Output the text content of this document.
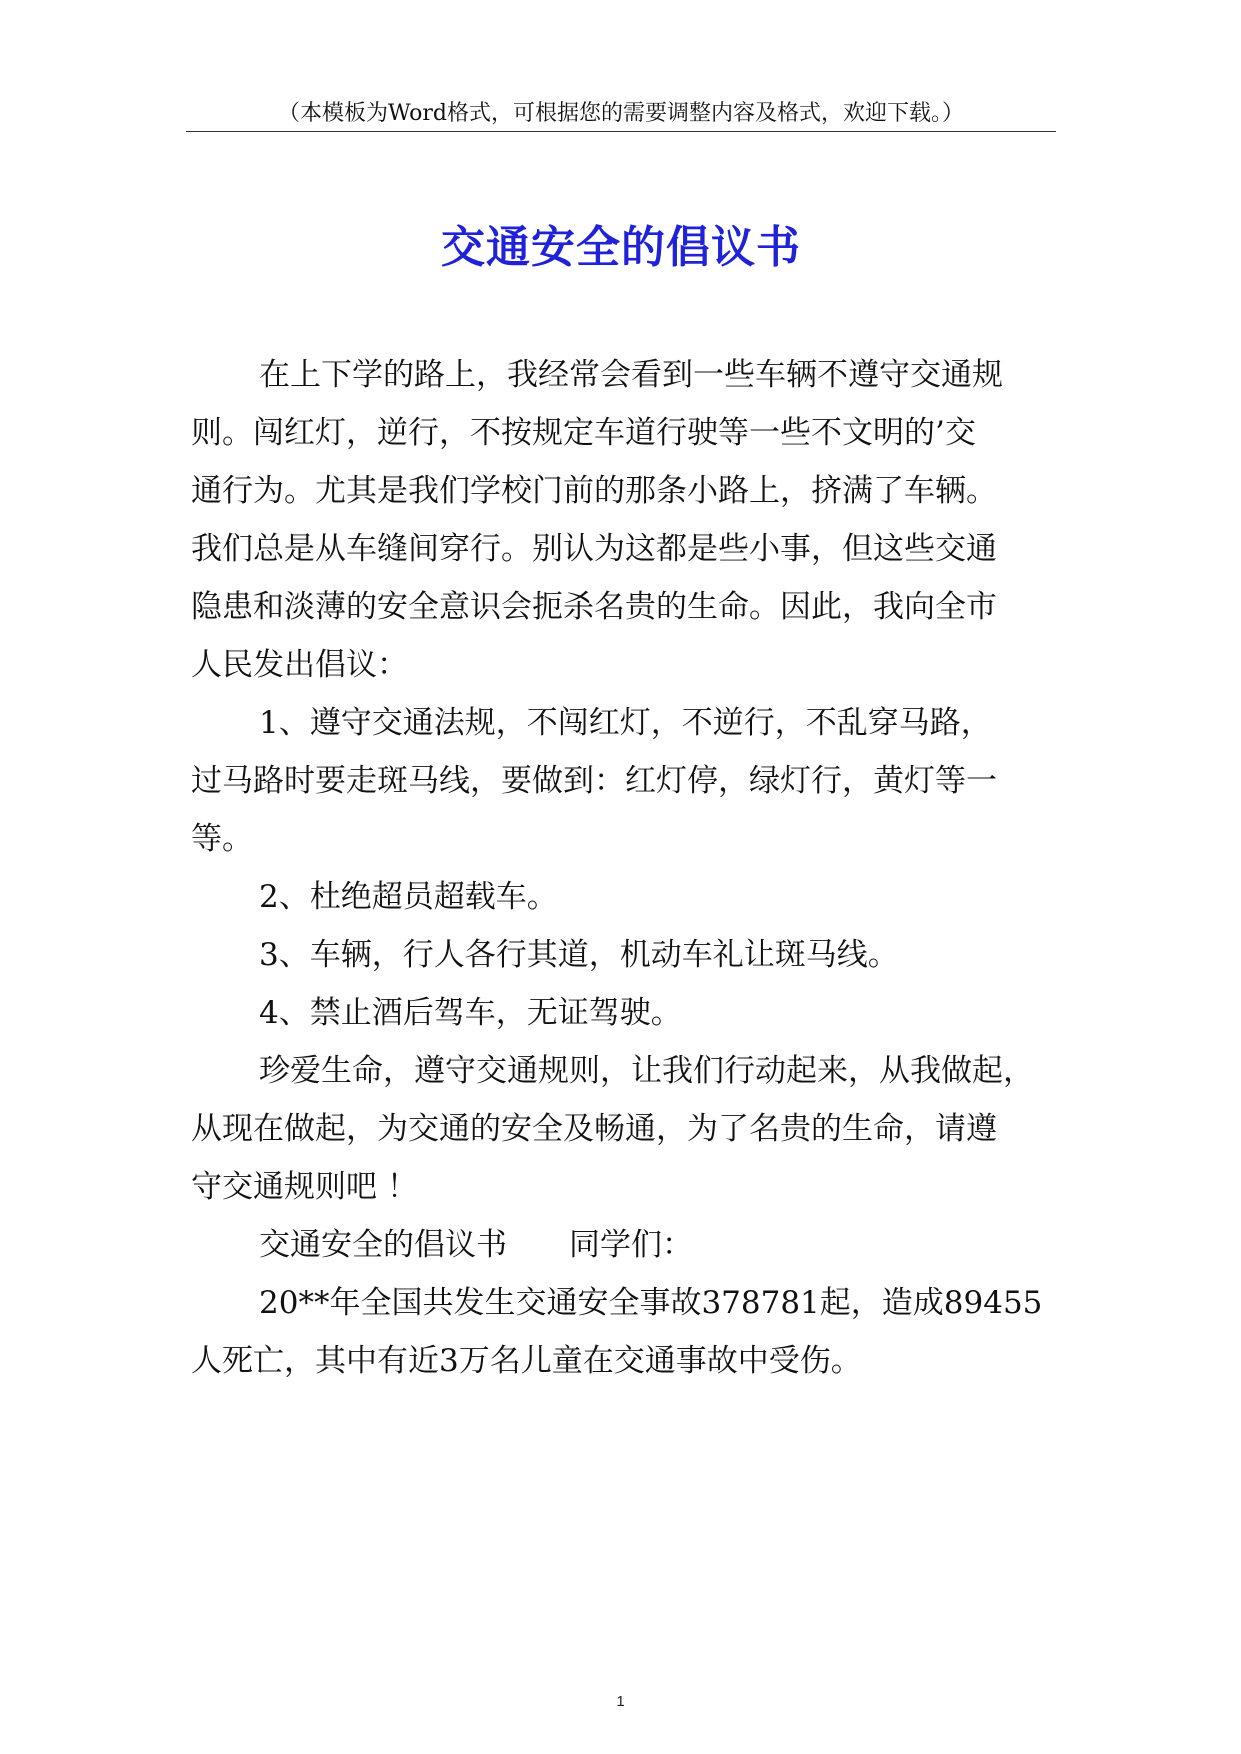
（本模板为Word格式，可根据您的需要调整内容及格式，欢迎下载。）
交通安全的倡议书
在上下学的路上，我经常会看到一些车辆不遵守交通规
则。闯红灯，逆行，不按规定车道行驶等一些不文明的’交
通行为。尤其是我们学校门前的那条小路上，挤满了车辆。
我们总是从车缝间穿行。别认为这都是些小事，但这些交通
隐患和淡薄的安全意识会扼杀名贵的生命。因此，我向全市
人民发出倡议：
1、遵守交通法规，不闯红灯，不逆行，不乱穿马路，
过马路时要走斑马线，要做到：红灯停，绿灯行，黄灯等一
等。
2、杜绝超员超载车。
3、车辆，行人各行其道，机动车礼让斑马线。
4、禁止酒后驾车，无证驾驶。
珍爱生命，遵守交通规则，让我们行动起来，从我做起，
从现在做起，为交通的安全及畅通，为了名贵的生命，请遵
守交通规则吧 ！
交通安全的倡议书　　同学们：
20**年全国共发生交通安全事故378781起，造成89455
人死亡，其中有近3万名儿童在交通事故中受伤。
1
